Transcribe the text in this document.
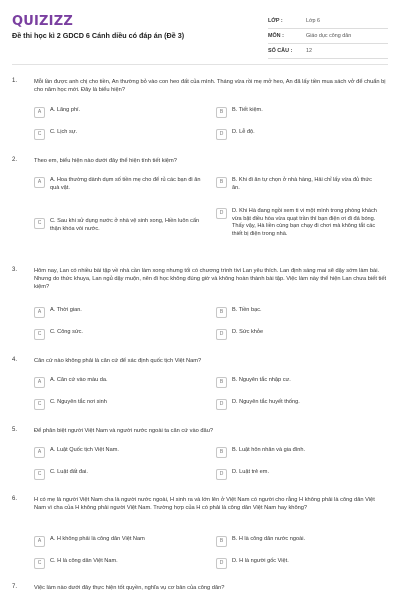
QUIZIZZ
Đề thi học kì 2 GDCD 6 Cánh diều có đáp án (Đề 3)
LỚP :	Lớp 6
MÔN :	Giáo dục công dân
SỐ CÂU :	12
1.	Mỗi lần được anh chị cho tiền, An thường bỏ vào con heo đất của mình. Tháng vừa rồi mẹ mở heo, An đã lấy tiền mua sách vở để chuẩn bị cho năm học mới. Đây là biểu hiện?
A	A. Lãng phí.	B	B. Tiết kiệm.
C	C. Lịch sự.	D	D. Lễ độ.
2.	Theo em, biểu hiện nào dưới đây thể hiện tính tiết kiệm?
A	A. Hoa thường dành dụm số tiền mẹ cho để rủ các bạn đi ăn quà vặt.
B	B. Khi đi ăn tự chọn ở nhà hàng, Hải chỉ lấy vừa đủ thức ăn.
C	C. Sau khi sử dụng nước ở nhà vệ sinh xong, Hiền luôn cẩn thận khóa vòi nước.
D	D. Khi Hà đang ngồi xem ti vi một mình trong phòng khách vừa bật điều hòa vừa quạt trần thì bạn điện ơi đi đá bóng. Thấy vậy, Hà liền cùng bạn chạy đi chơi mà không tắt các thiết bị điện trong nhà.
3.	Hôm nay, Lan có nhiều bài tập về nhà cần làm xong nhưng tối có chương trình tivi Lan yêu thích. Lan định sáng mai sẽ dậy sớm làm bài. Nhưng do thức khuya, Lan ngủ dậy muộn, nên đi học không đúng giờ và không hoàn thành bài tập. Việc làm này thể hiện Lan chưa biết tiết kiệm?
A	A. Thời gian.	B	B. Tiền bạc.
C	C. Công sức.	D	D. Sức khỏe
4.	Căn cứ nào không phải là căn cứ để xác định quốc tịch Việt Nam?
A	A. Căn cứ vào màu da.	B	B. Nguyên tắc nhập cư.
C	C. Nguyên tắc nơi sinh	D	D. Nguyên tắc huyết thống.
5.	Để phân biệt người Việt Nam và người nước ngoài ta căn cứ vào đâu?
A	A. Luật Quốc tịch Việt Nam.	B	B. Luật hôn nhân và gia đình.
C	C. Luật đất đai.	D	D. Luật trẻ em.
6.	H có mẹ là người Việt Nam cha là người nước ngoài, H sinh ra và lớn lên ở Việt Nam có người cho rằng H không phải là công dân Việt Nam vì cha của H không phải người Việt Nam. Trường hợp của H có phải là công dân Việt Nam hay không?
A	A. H không phải là công dân Việt Nam	B	B. H là công dân nước ngoài.
C	C. H là công dân Việt Nam.	D	D. H là người gốc Việt.
7.	Việc làm nào dưới đây thực hiện tốt quyền, nghĩa vụ cơ bản của công dân?
